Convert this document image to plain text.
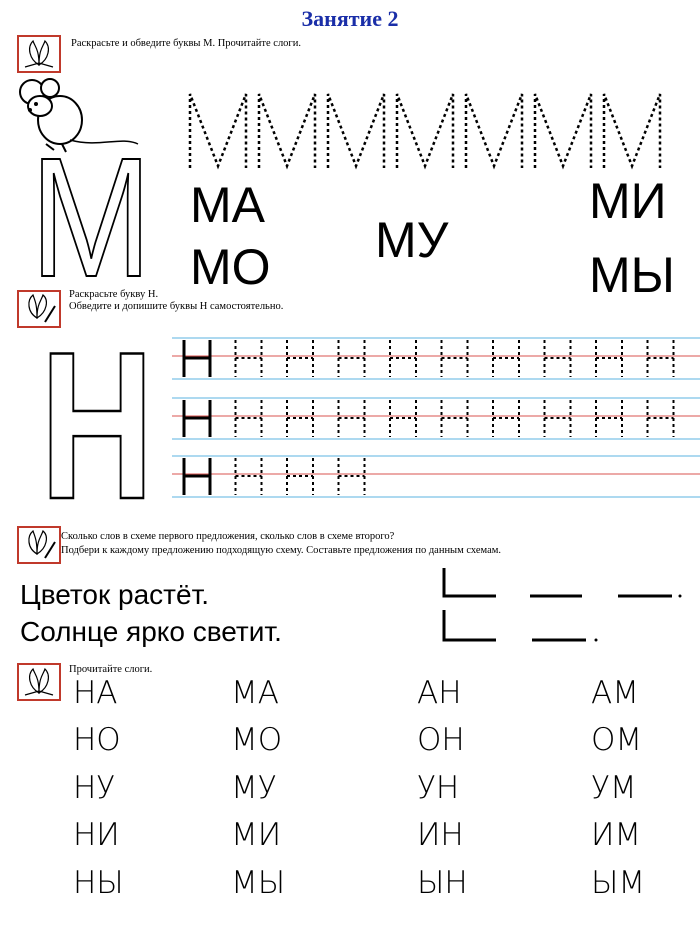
Занятие 2
Раскрасьте и обведите буквы М. Прочитайте слоги.
М МА
МО МУ
МИ
МЫ
Раскрасьте букву Н.
Обведите и допишите буквы Н самостоятельно.
Н
Сколько слов в схеме первого предложения, сколько слов в схеме второго?
Подбери к каждому предложению подходящую схему. Составьте предложения по данным схемам.
Цветок растёт.
Солнце ярко светит.
Прочитайте слоги.
НА
НО
НУ
НИ
НЫ
МА
МО
МУ
МИ
МЫ
АН
ОН
УН
ИН
ЫН
АМ
ОМ
УМ
ИМ
ЫМ
